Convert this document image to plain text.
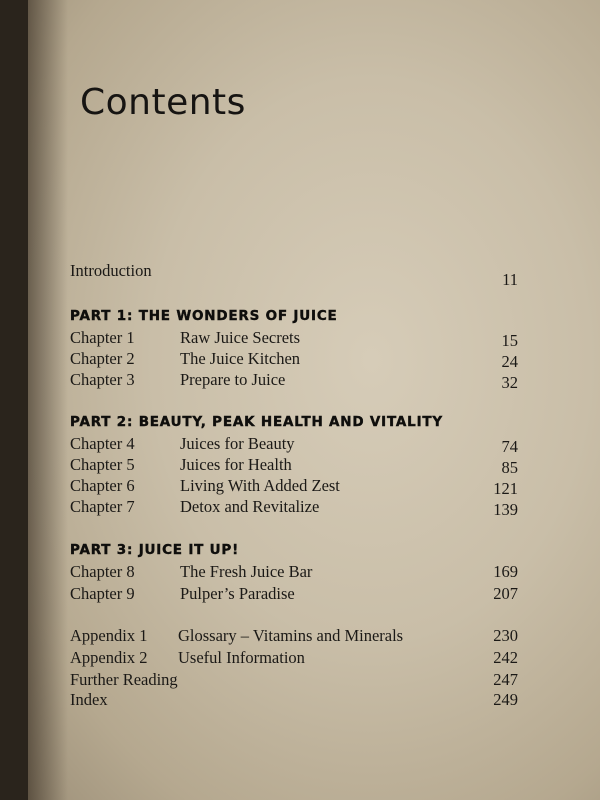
Contents
Introduction	11
PART 1: THE WONDERS OF JUICE
Chapter 1	Raw Juice Secrets	15
Chapter 2	The Juice Kitchen	24
Chapter 3	Prepare to Juice	32
PART 2: BEAUTY, PEAK HEALTH AND VITALITY
Chapter 4	Juices for Beauty	74
Chapter 5	Juices for Health	85
Chapter 6	Living With Added Zest	121
Chapter 7	Detox and Revitalize	139
PART 3: JUICE IT UP!
Chapter 8	The Fresh Juice Bar	169
Chapter 9	Pulper’s Paradise	207
Appendix 1 Glossary – Vitamins and Minerals	230
Appendix 2 Useful Information	242
Further Reading	247
Index	249
